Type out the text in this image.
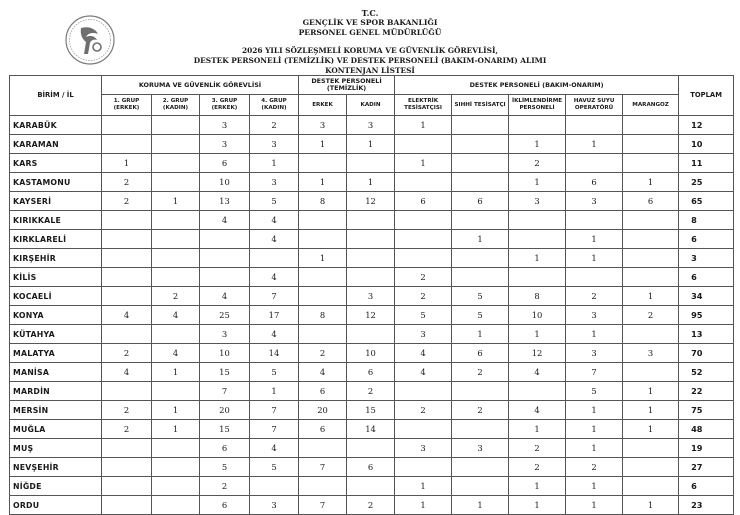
T.C.
GENÇLİK VE SPOR BAKANLIĞI
PERSONEL GENEL MÜDÜRLÜĞÜ
2026 YILI SÖZLEŞMELİ KORUMA VE GÜVENLİK GÖREVLİSİ,
DESTEK PERSONELİ (TEMİZLİK) VE DESTEK PERSONELİ (BAKIM-ONARIM) ALIMI
KONTENJAN LİSTESİ
BİRİM / İL	KORUMA VE GÜVENLİK GÖREVLİSİ				DESTEK PERSONELİ (TEMİZLİK)		DESTEK PERSONELİ (BAKIM-ONARIM)					TOPLAM
	1. GRUP (ERKEK)	2. GRUP (KADIN)	3. GRUP (ERKEK)	4. GRUP (KADIN)	ERKEK	KADIN	ELEKTRİK TESİSATÇISI	SIHHİ TESİSATÇI	İKLİMLENDİRME PERSONELİ	HAVUZ SUYU OPERATÖRÜ	MARANGOZ	
KARABÜK			3	2	3	3	1					12
KARAMAN			3	3	1	1			1	1		10
KARS	1		6	1			1		2			11
KASTAMONU	2		10	3	1	1			1	6	1	25
KAYSERİ	2	1	13	5	8	12	6	6	3	3	6	65
KIRIKKALE			4	4								8
KIRKLARELİ				4				1		1		6
KIRŞEHİR					1				1	1		3
KİLİS				4			2					6
KOCAELİ		2	4	7		3	2	5	8	2	1	34
KONYA	4	4	25	17	8	12	5	5	10	3	2	95
KÜTAHYA			3	4			3	1	1	1		13
MALATYA	2	4	10	14	2	10	4	6	12	3	3	70
MANİSA	4	1	15	5	4	6	4	2	4	7		52
MARDİN			7	1	6	2				5	1	22
MERSİN	2	1	20	7	20	15	2	2	4	1	1	75
MUĞLA	2	1	15	7	6	14			1	1	1	48
MUŞ			6	4			3	3	2	1		19
NEVŞEHİR			5	5	7	6			2	2		27
NİĞDE			2				1		1	1		6
ORDU			6	3	7	2	1	1	1	1	1	23
